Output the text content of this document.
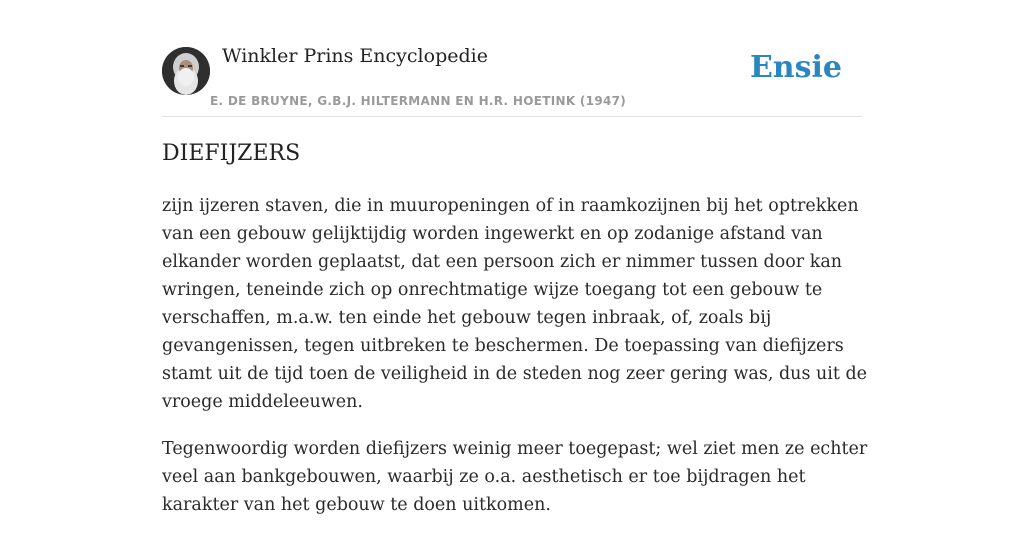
Winkler Prins Encyclopedie
E. DE BRUYNE, G.B.J. HILTERMANN EN H.R. HOETINK (1947)
Ensie
DIEFIJZERS

zijn ijzeren staven, die in muuropeningen of in raamkozijnen bij het optrekken van een gebouw gelijktijdig worden ingewerkt en op zodanige afstand van elkander worden geplaatst, dat een persoon zich er nimmer tussen door kan wringen, teneinde zich op onrechtmatige wijze toegang tot een gebouw te verschaffen, m.a.w. ten einde het gebouw tegen inbraak, of, zoals bij gevangenissen, tegen uitbreken te beschermen. De toepassing van diefijzers stamt uit de tijd toen de veiligheid in de steden nog zeer gering was, dus uit de vroege middeleeuwen.

Tegenwoordig worden diefijzers weinig meer toegepast; wel ziet men ze echter veel aan bankgebouwen, waarbij ze o.a. aesthetisch er toe bijdragen het karakter van het gebouw te doen uitkomen.
